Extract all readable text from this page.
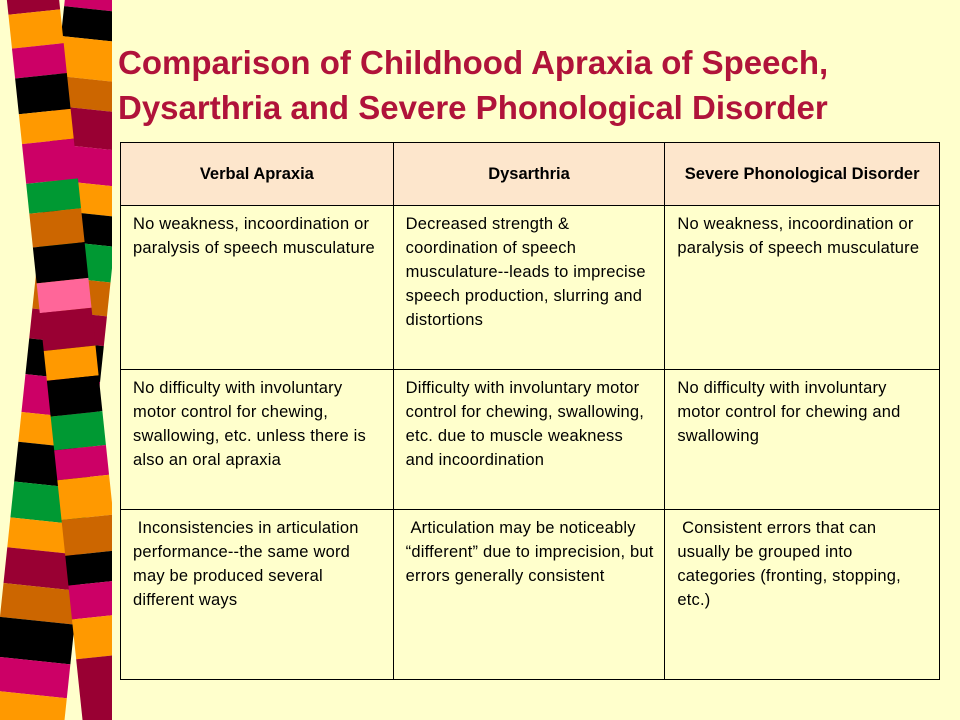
Comparison of Childhood Apraxia of Speech,
Dysarthria and Severe Phonological Disorder
Verbal Apraxia	Dysarthria	Severe Phonological Disorder
No weakness, incoordination or paralysis of speech musculature	Decreased strength & coordination of speech musculature--leads to imprecise speech production, slurring and distortions	No weakness, incoordination or paralysis of speech musculature
No difficulty with involuntary motor control for chewing, swallowing, etc. unless there is also an oral apraxia	Difficulty with involuntary motor control for chewing, swallowing, etc. due to muscle weakness and incoordination	No difficulty with involuntary motor control for chewing and swallowing
Inconsistencies in articulation performance--the same word may be produced several different ways	Articulation may be noticeably “different” due to imprecision, but errors generally consistent	Consistent errors that can usually be grouped into categories (fronting, stopping, etc.)
